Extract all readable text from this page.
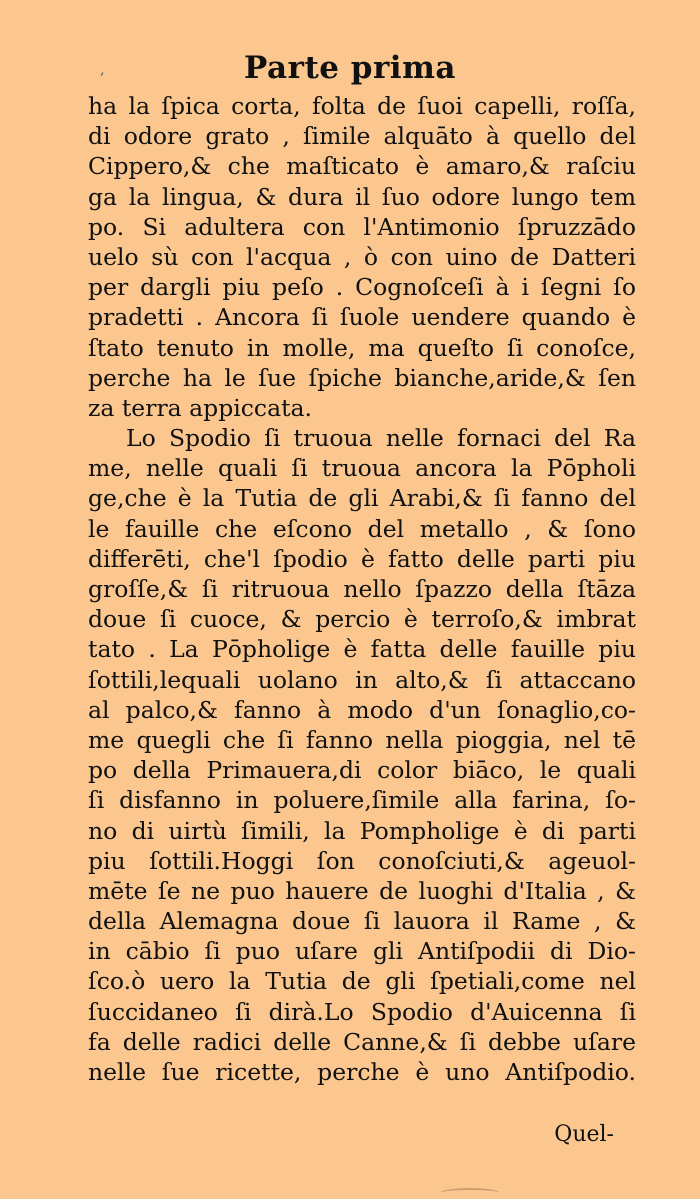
‚	Parte prima
ha la ſpica corta, folta de ſuoi capelli, roſſa,
di odore grato , ſimile alquāto à quello del
Cippero,& che maſticato è amaro,& raſciu
ga la lingua, & dura il ſuo odore lungo tem
po. Si adultera con l'Antimonio ſpruzzādo
uelo sù con l'acqua , ò con uino de Datteri
per dargli piu peſo . Cognoſceſi à i ſegni ſo
pradetti . Ancora ſi ſuole uendere quando è
ſtato tenuto in molle, ma queſto ſi conoſce,
perche ha le ſue ſpiche bianche,aride,& ſen
za terra appiccata.
Lo Spodio ſi truoua nelle fornaci del Ra
me, nelle quali ſi truoua ancora la Pōpholi
ge,che è la Tutia de gli Arabi,& ſi fanno del
le fauille che eſcono del metallo , & ſono
differēti, che'l ſpodio è fatto delle parti piu
groſſe,& ſi ritruoua nello ſpazzo della ſtāza
doue ſi cuoce, & percio è terroſo,& imbrat
tato . La Pōpholige è fatta delle fauille piu
ſottili,lequali uolano in alto,& ſi attaccano
al palco,& fanno à modo d'un ſonaglio,co-
me quegli che ſi fanno nella pioggia, nel tē
po della Primauera,di color biāco, le quali
ſi disfanno in poluere,ſimile alla farina, ſo-
no di uirtù ſimili, la Pompholige è di parti
piu ſottili.Hoggi ſon conoſciuti,& ageuol-
mēte ſe ne puo hauere de luoghi d'Italia , &
della Alemagna doue ſi lauora il Rame , &
in cābio ſi puo uſare gli Antiſpodii di Dio-
ſco.ò uero la Tutia de gli ſpetiali,come nel
ſuccidaneo ſi dirà.Lo Spodio d'Auicenna ſi
fa delle radici delle Canne,& ſi debbe uſare
nelle ſue ricette, perche è uno Antiſpodio.
Quel-
